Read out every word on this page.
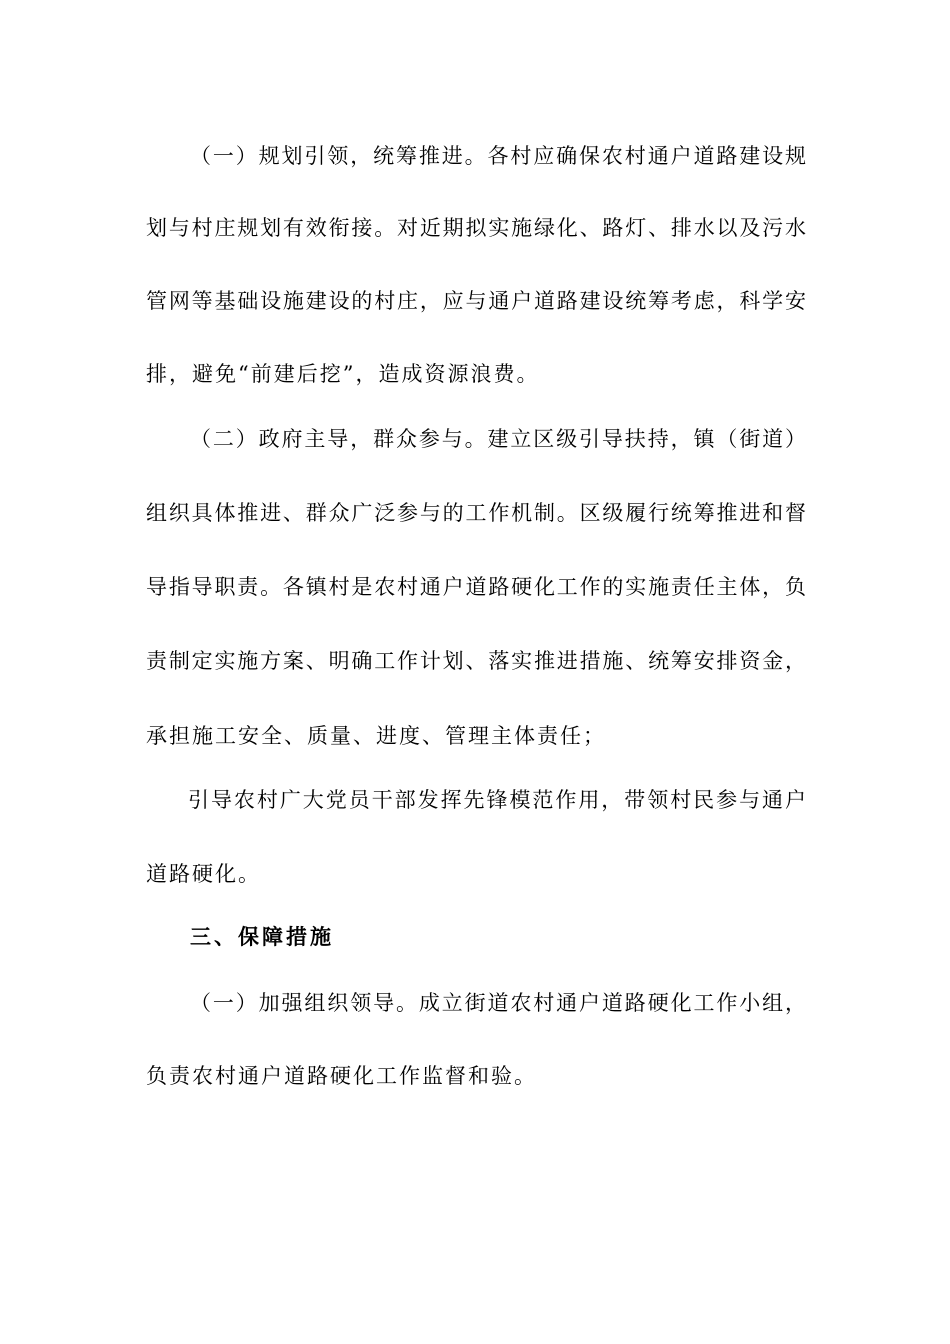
（一）规划引领，统筹推进。各村应确保农村通户道路建设规
划与村庄规划有效衔接。对近期拟实施绿化、路灯、排水以及污水
管网等基础设施建设的村庄，应与通户道路建设统筹考虑，科学安
排，避免“前建后挖”，造成资源浪费。
（二）政府主导，群众参与。建立区级引导扶持，镇（街道）
组织具体推进、群众广泛参与的工作机制。区级履行统筹推进和督
导指导职责。各镇村是农村通户道路硬化工作的实施责任主体，负
责制定实施方案、明确工作计划、落实推进措施、统筹安排资金，
承担施工安全、质量、进度、管理主体责任；
引导农村广大党员干部发挥先锋模范作用，带领村民参与通户
道路硬化。
三、保障措施
（一）加强组织领导。成立街道农村通户道路硬化工作小组，
负责农村通户道路硬化工作监督和验。
